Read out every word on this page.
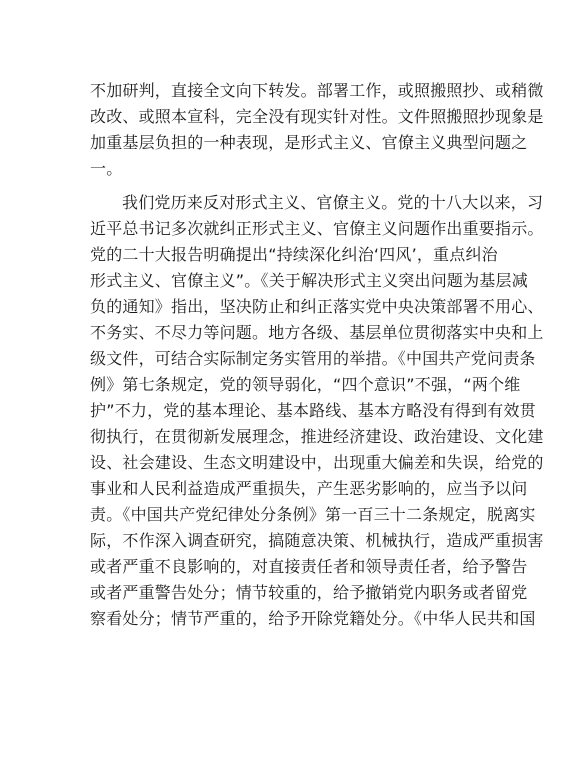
不加研判，直接全文向下转发。部署工作，或照搬照抄、或稍微
改改、或照本宣科，完全没有现实针对性。文件照搬照抄现象是
加重基层负担的一种表现，是形式主义、官僚主义典型问题之
一。
我们党历来反对形式主义、官僚主义。党的十八大以来，习
近平总书记多次就纠正形式主义、官僚主义问题作出重要指示。
党的二十大报告明确提出“持续深化纠治‘四风’，重点纠治
形式主义、官僚主义”。《关于解决形式主义突出问题为基层减
负的通知》指出，坚决防止和纠正落实党中央决策部署不用心、
不务实、不尽力等问题。地方各级、基层单位贯彻落实中央和上
级文件，可结合实际制定务实管用的举措。《中国共产党问责条
例》第七条规定，党的领导弱化，“四个意识”不强，“两个维
护”不力，党的基本理论、基本路线、基本方略没有得到有效贯
彻执行，在贯彻新发展理念，推进经济建设、政治建设、文化建
设、社会建设、生态文明建设中，出现重大偏差和失误，给党的
事业和人民利益造成严重损失，产生恶劣影响的，应当予以问
责。《中国共产党纪律处分条例》第一百三十二条规定，脱离实
际，不作深入调查研究，搞随意决策、机械执行，造成严重损害
或者严重不良影响的，对直接责任者和领导责任者，给予警告
或者严重警告处分；情节较重的，给予撤销党内职务或者留党
察看处分；情节严重的，给予开除党籍处分。《中华人民共和国
